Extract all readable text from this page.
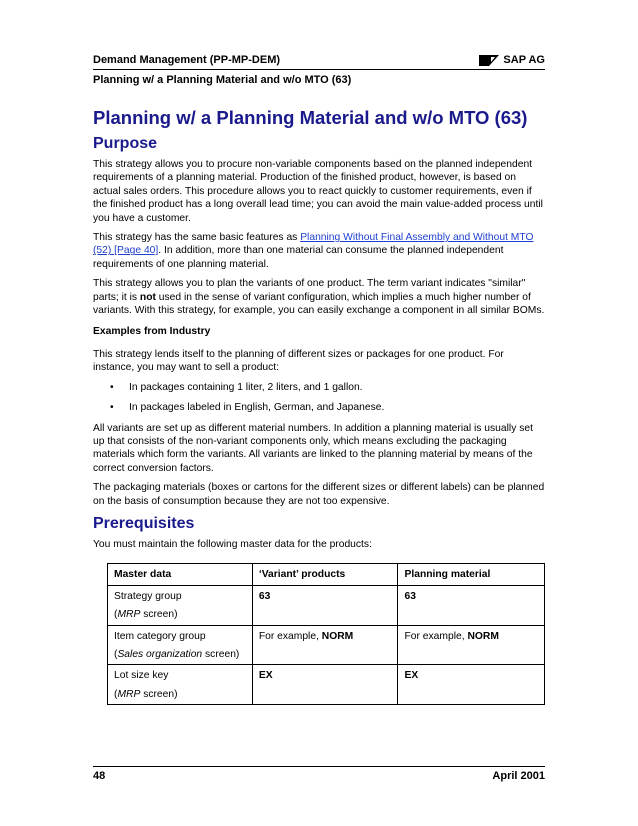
Demand Management (PP-MP-DEM)	SAP AG
Planning w/ a Planning Material and w/o MTO (63)
Planning w/ a Planning Material and w/o MTO (63)
Purpose

This strategy allows you to procure non-variable components based on the planned independent requirements of a planning material. Production of the finished product, however, is based on actual sales orders. This procedure allows you to react quickly to customer requirements, even if the finished product has a long overall lead time; you can avoid the main value-added process until you have a customer.

This strategy has the same basic features as Planning Without Final Assembly and Without MTO (52) [Page 40]. In addition, more than one material can consume the planned independent requirements of one planning material.

This strategy allows you to plan the variants of one product. The term variant indicates "similar" parts; it is not used in the sense of variant configuration, which implies a much higher number of variants. With this strategy, for example, you can easily exchange a component in all similar BOMs.

Examples from Industry

This strategy lends itself to the planning of different sizes or packages for one product. For instance, you may want to sell a product:

• In packages containing 1 liter, 2 liters, and 1 gallon.
• In packages labeled in English, German, and Japanese.

All variants are set up as different material numbers. In addition a planning material is usually set up that consists of the non-variant components only, which means excluding the packaging materials which form the variants. All variants are linked to the planning material by means of the correct conversion factors.

The packaging materials (boxes or cartons for the different sizes or different labels) can be planned on the basis of consumption because they are not too expensive.

Prerequisites

You must maintain the following master data for the products:

Master data	‘Variant’ products	Planning material
Strategy group
(MRP screen)	63	63
Item category group
(Sales organization screen)	For example, NORM	For example, NORM
Lot size key
(MRP screen)	EX	EX
48	April 2001
